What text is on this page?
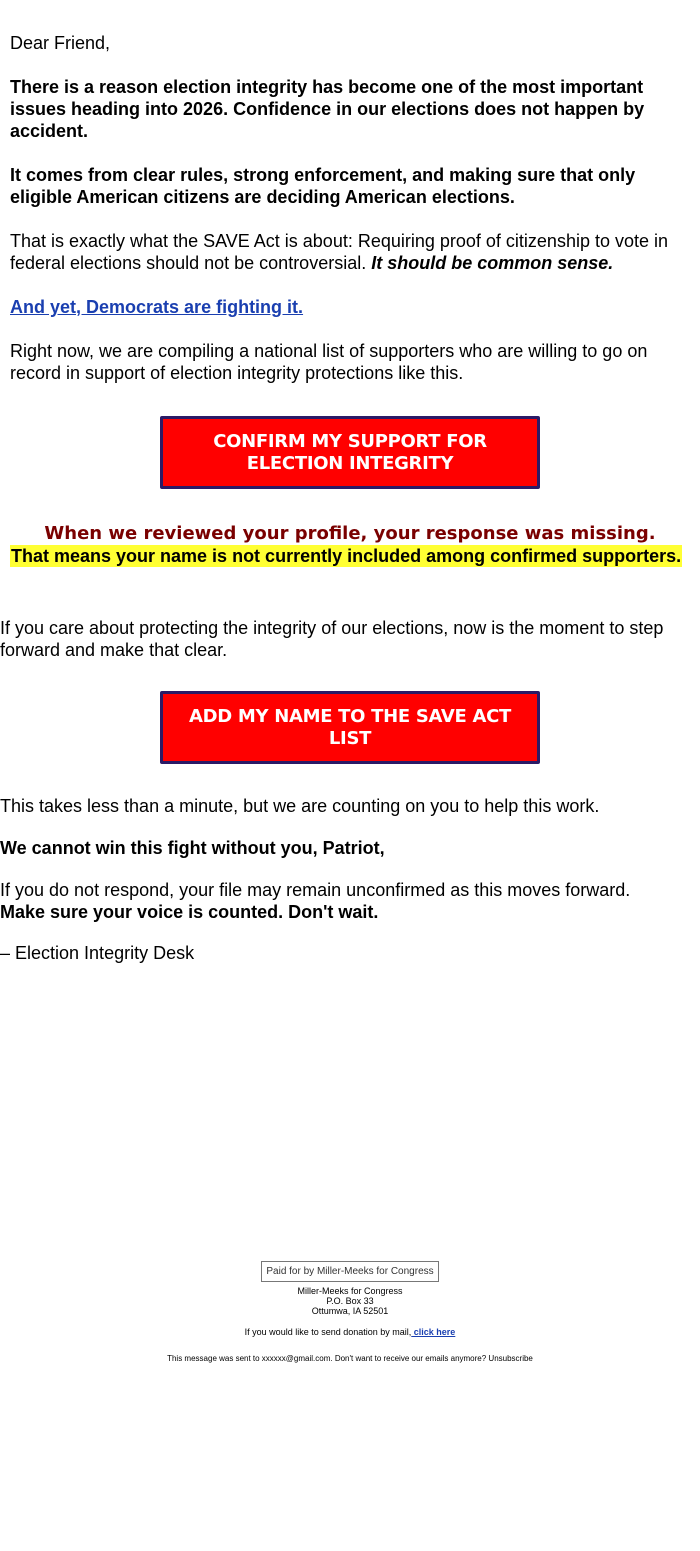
Dear Friend,
There is a reason election integrity has become one of the most important issues heading into 2026. Confidence in our elections does not happen by accident.
It comes from clear rules, strong enforcement, and making sure that only eligible American citizens are deciding American elections.
That is exactly what the SAVE Act is about: Requiring proof of citizenship to vote in federal elections should not be controversial. It should be common sense.
And yet, Democrats are fighting it.
Right now, we are compiling a national list of supporters who are willing to go on record in support of election integrity protections like this.
CONFIRM MY SUPPORT FOR ELECTION INTEGRITY
When we reviewed your profile, your response was missing.
That means your name is not currently included among confirmed supporters.
If you care about protecting the integrity of our elections, now is the moment to step forward and make that clear.
ADD MY NAME TO THE SAVE ACT LIST
This takes less than a minute, but we are counting on you to help this work.
We cannot win this fight without you, Patriot,
If you do not respond, your file may remain unconfirmed as this moves forward.
Make sure your voice is counted. Don't wait.
– Election Integrity Desk
Paid for by Miller-Meeks for Congress
Miller-Meeks for Congress
P.O. Box 33
Ottumwa, IA 52501
If you would like to send donation by mail, click here
This message was sent to xxxxxx@gmail.com. Don't want to receive our emails anymore? Unsubscribe
